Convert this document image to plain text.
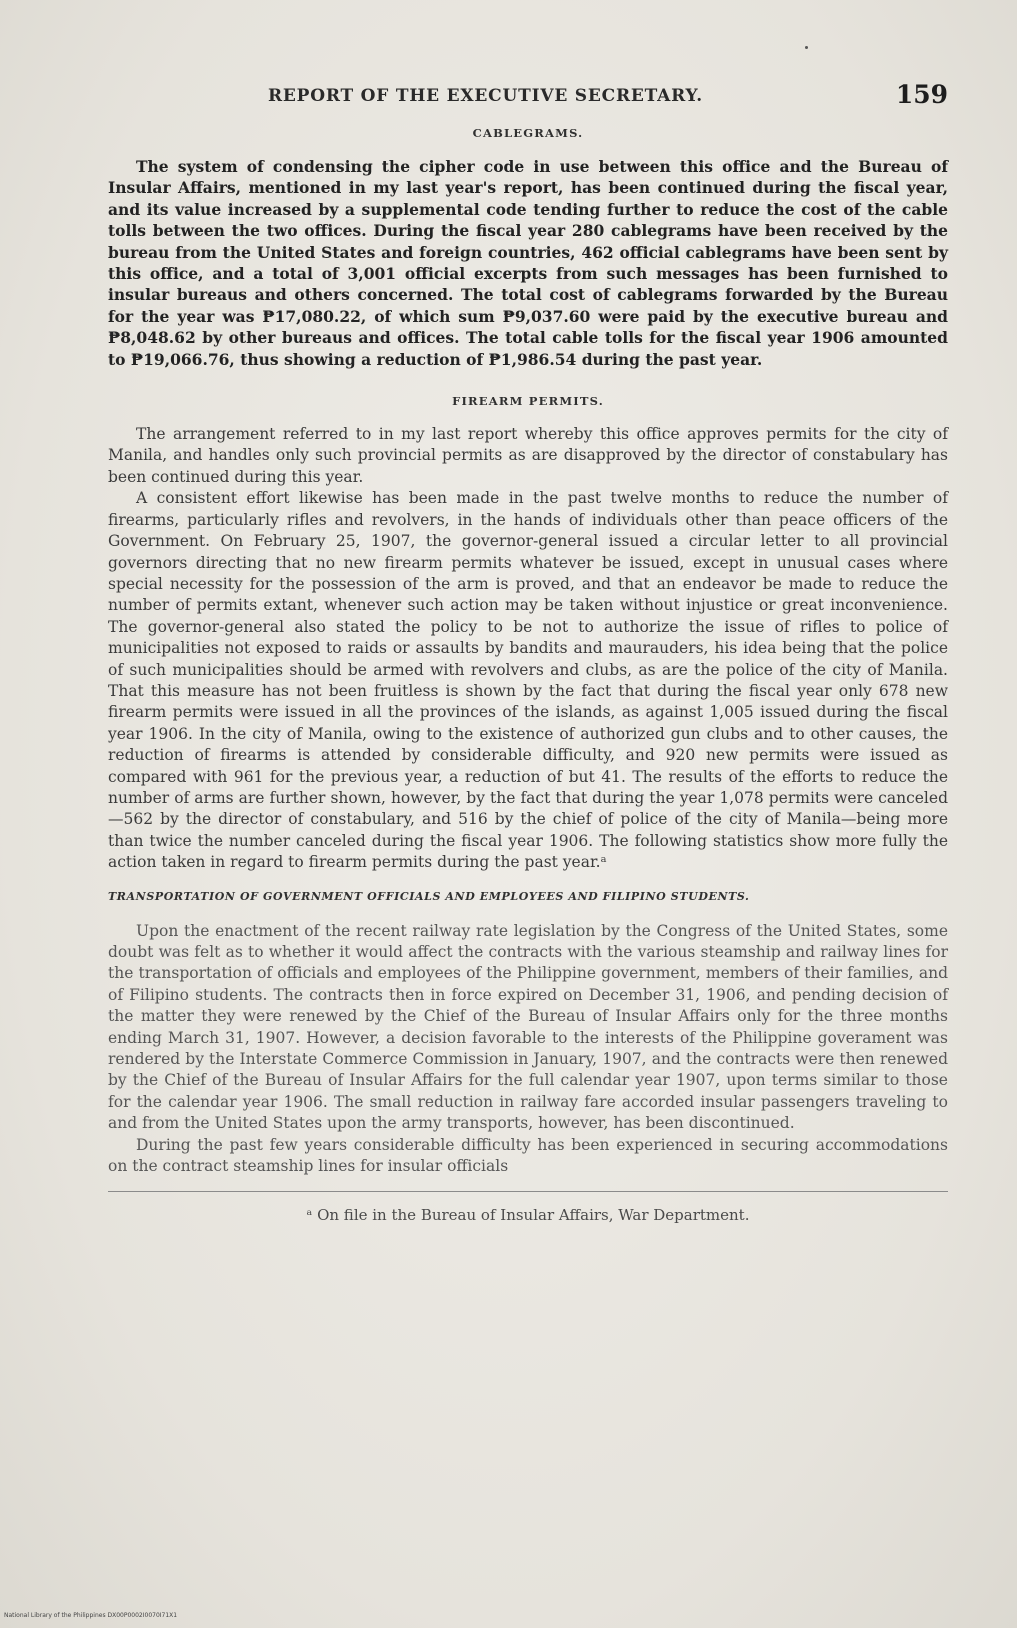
REPORT OF THE EXECUTIVE SECRETARY.	159
CABLEGRAMS.

The system of condensing the cipher code in use between this office and the Bureau of Insular Affairs, mentioned in my last year's report, has been continued during the fiscal year, and its value increased by a supplemental code tending further to reduce the cost of the cable tolls between the two offices. During the fiscal year 280 cablegrams have been received by the bureau from the United States and foreign countries, 462 official cablegrams have been sent by this office, and a total of 3,001 official excerpts from such messages has been furnished to insular bureaus and others concerned. The total cost of cablegrams forwarded by the Bureau for the year was ₱17,080.22, of which sum ₱9,037.60 were paid by the executive bureau and ₱8,048.62 by other bureaus and offices. The total cable tolls for the fiscal year 1906 amounted to ₱19,066.76, thus showing a reduction of ₱1,986.54 during the past year.

FIREARM PERMITS.

The arrangement referred to in my last report whereby this office approves permits for the city of Manila, and handles only such provincial permits as are disapproved by the director of constabulary has been continued during this year.

A consistent effort likewise has been made in the past twelve months to reduce the number of firearms, particularly rifles and revolvers, in the hands of individuals other than peace officers of the Government. On February 25, 1907, the governor-general issued a circular letter to all provincial governors directing that no new firearm permits whatever be issued, except in unusual cases where special necessity for the possession of the arm is proved, and that an endeavor be made to reduce the number of permits extant, whenever such action may be taken without injustice or great inconvenience. The governor-general also stated the policy to be not to authorize the issue of rifles to police of municipalities not exposed to raids or assaults by bandits and maurauders, his idea being that the police of such municipalities should be armed with revolvers and clubs, as are the police of the city of Manila. That this measure has not been fruitless is shown by the fact that during the fiscal year only 678 new firearm permits were issued in all the provinces of the islands, as against 1,005 issued during the fiscal year 1906. In the city of Manila, owing to the existence of authorized gun clubs and to other causes, the reduction of firearms is attended by considerable difficulty, and 920 new permits were issued as compared with 961 for the previous year, a reduction of but 41. The results of the efforts to reduce the number of arms are further shown, however, by the fact that during the year 1,078 permits were canceled—562 by the director of constabulary, and 516 by the chief of police of the city of Manila—being more than twice the number canceled during the fiscal year 1906. The following statistics show more fully the action taken in regard to firearm permits during the past year.ᵃ

TRANSPORTATION OF GOVERNMENT OFFICIALS AND EMPLOYEES AND FILIPINO STUDENTS.

Upon the enactment of the recent railway rate legislation by the Congress of the United States, some doubt was felt as to whether it would affect the contracts with the various steamship and railway lines for the transportation of officials and employees of the Philippine government, members of their families, and of Filipino students. The contracts then in force expired on December 31, 1906, and pending decision of the matter they were renewed by the Chief of the Bureau of Insular Affairs only for the three months ending March 31, 1907. However, a decision favorable to the interests of the Philippine goverament was rendered by the Interstate Commerce Commission in January, 1907, and the contracts were then renewed by the Chief of the Bureau of Insular Affairs for the full calendar year 1907, upon terms similar to those for the calendar year 1906. The small reduction in railway fare accorded insular passengers traveling to and from the United States upon the army transports, however, has been discontinued.

During the past few years considerable difficulty has been experienced in securing accommodations on the contract steamship lines for insular officials

ᵃ On file in the Bureau of Insular Affairs, War Department.
National Library of the Philippines DX00P0002I0070I71X1
